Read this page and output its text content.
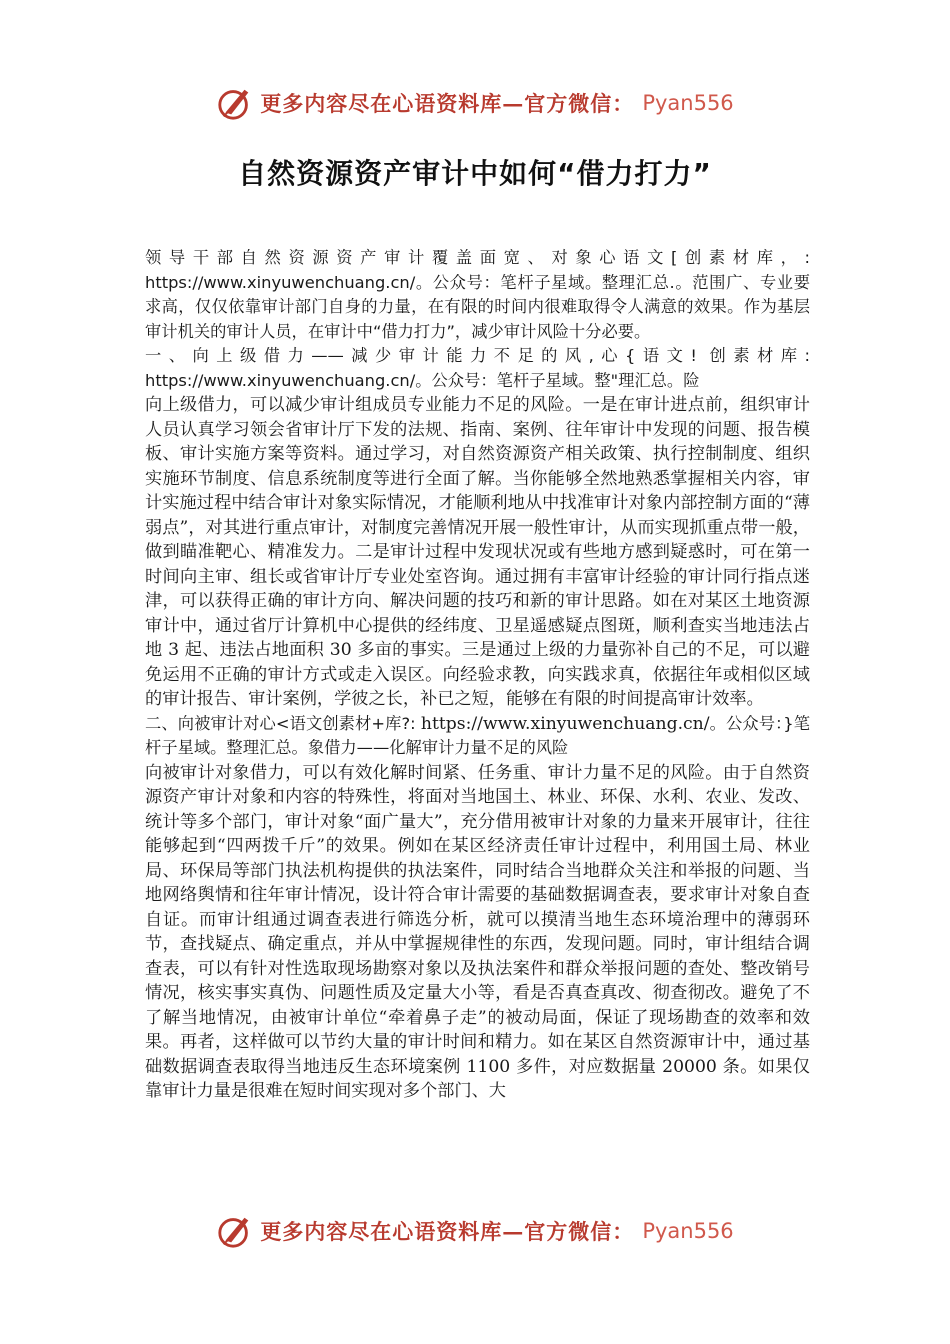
更多内容尽在心语资料库—官方微信： Pyan556
自然资源资产审计中如何“借力打力”

领导干部自然资源资产审计覆盖面宽、对象心语文[创素材库，: https://www.xinyuwenchuang.cn/。公众号：笔杆子星域。整理汇总.。范围广、专业要求高，仅仅依靠审计部门自身的力量，在有限的时间内很难取得令人满意的效果。作为基层审计机关的审计人员，在审计中“借力打力”，减少审计风险十分必要。

一、向上级借力——减少审计能力不足的风,心{语文! 创素材库: https://www.xinyuwenchuang.cn/。公众号：笔杆子星域。整"理汇总。险

向上级借力，可以减少审计组成员专业能力不足的风险。一是在审计进点前，组织审计人员认真学习领会省审计厅下发的法规、指南、案例、往年审计中发现的问题、报告模板、审计实施方案等资料。通过学习，对自然资源资产相关政策、执行控制制度、组织实施环节制度、信息系统制度等进行全面了解。当你能够全然地熟悉掌握相关内容，审计实施过程中结合审计对象实际情况，才能顺利地从中找准审计对象内部控制方面的“薄弱点”，对其进行重点审计，对制度完善情况开展一般性审计，从而实现抓重点带一般，做到瞄准靶心、精准发力。二是审计过程中发现状况或有些地方感到疑惑时，可在第一时间向主审、组长或省审计厅专业处室咨询。通过拥有丰富审计经验的审计同行指点迷津，可以获得正确的审计方向、解决问题的技巧和新的审计思路。如在对某区土地资源审计中，通过省厅计算机中心提供的经纬度、卫星遥感疑点图斑，顺利查实当地违法占地 3 起、违法占地面积 30 多亩的事实。三是通过上级的力量弥补自己的不足，可以避免运用不正确的审计方式或走入误区。向经验求教，向实践求真，依据往年或相似区域的审计报告、审计案例，学彼之长，补已之短，能够在有限的时间提高审计效率。

二、向被审计对心<语文创素材+库?: https://www.xinyuwenchuang.cn/。公众号：}笔杆子星域。整理汇总。象借力——化解审计力量不足的风险

向被审计对象借力，可以有效化解时间紧、任务重、审计力量不足的风险。由于自然资源资产审计对象和内容的特殊性，将面对当地国土、林业、环保、水利、农业、发改、统计等多个部门，审计对象“面广量大”，充分借用被审计对象的力量来开展审计，往往能够起到“四两拨千斤”的效果。例如在某区经济责任审计过程中，利用国土局、林业局、环保局等部门执法机构提供的执法案件，同时结合当地群众关注和举报的问题、当地网络舆情和往年审计情况，设计符合审计需要的基础数据调查表，要求审计对象自查自证。而审计组通过调查表进行筛选分析，就可以摸清当地生态环境治理中的薄弱环节，查找疑点、确定重点，并从中掌握规律性的东西，发现问题。同时，审计组结合调查表，可以有针对性选取现场勘察对象以及执法案件和群众举报问题的查处、整改销号情况，核实事实真伪、问题性质及定量大小等，看是否真查真改、彻查彻改。避免了不了解当地情况，由被审计单位“牵着鼻子走”的被动局面，保证了现场勘查的效率和效果。再者，这样做可以节约大量的审计时间和精力。如在某区自然资源审计中，通过基础数据调查表取得当地违反生态环境案例 1100 多件，对应数据量 20000 条。如果仅靠审计力量是很难在短时间实现对多个部门、大

更多内容尽在心语资料库—官方微信： Pyan556
